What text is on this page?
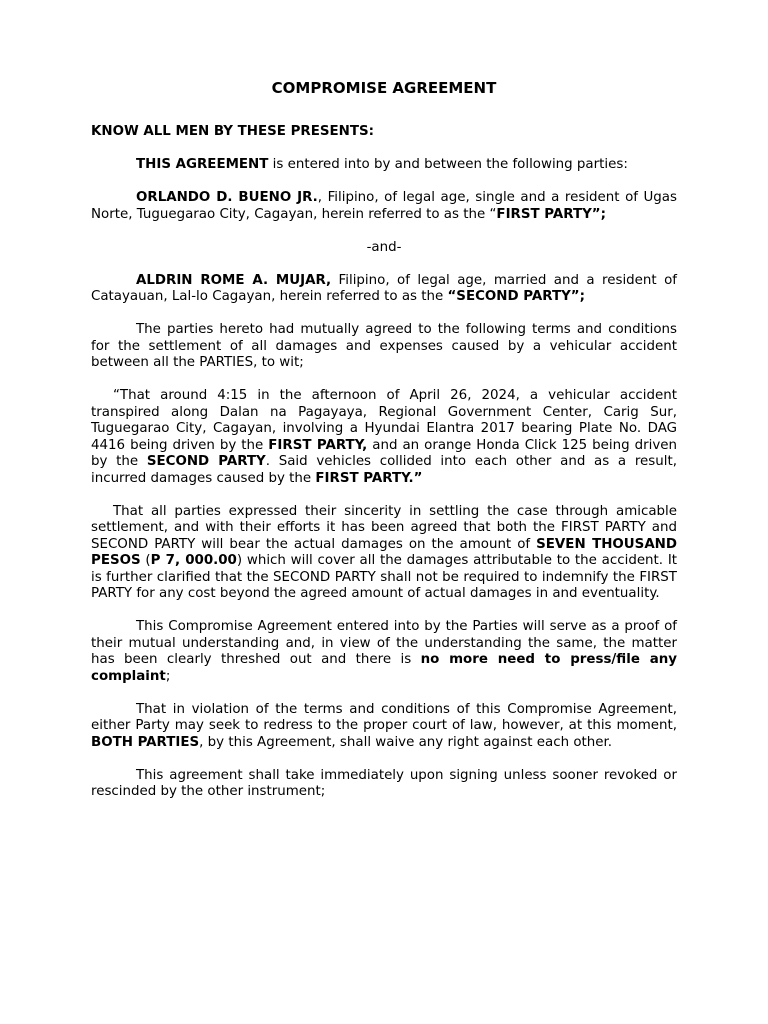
COMPROMISE AGREEMENT

KNOW ALL MEN BY THESE PRESENTS:

THIS AGREEMENT is entered into by and between the following parties:

ORLANDO D. BUENO JR., Filipino, of legal age, single and a resident of Ugas Norte, Tuguegarao City, Cagayan, herein referred to as the “FIRST PARTY”;

-and-

ALDRIN ROME A. MUJAR, Filipino, of legal age, married and a resident of Catayauan, Lal-lo Cagayan, herein referred to as the “SECOND PARTY”;

The parties hereto had mutually agreed to the following terms and conditions for the settlement of all damages and expenses caused by a vehicular accident between all the PARTIES, to wit;

“That around 4:15 in the afternoon of April 26, 2024, a vehicular accident transpired along Dalan na Pagayaya, Regional Government Center, Carig Sur, Tuguegarao City, Cagayan, involving a Hyundai Elantra 2017 bearing Plate No. DAG 4416 being driven by the FIRST PARTY, and an orange Honda Click 125 being driven by the SECOND PARTY. Said vehicles collided into each other and as a result, incurred damages caused by the FIRST PARTY.”

That all parties expressed their sincerity in settling the case through amicable settlement, and with their efforts it has been agreed that both the FIRST PARTY and SECOND PARTY will bear the actual damages on the amount of SEVEN THOUSAND PESOS (P 7, 000.00) which will cover all the damages attributable to the accident. It is further clarified that the SECOND PARTY shall not be required to indemnify the FIRST PARTY for any cost beyond the agreed amount of actual damages in and eventuality.

This Compromise Agreement entered into by the Parties will serve as a proof of their mutual understanding and, in view of the understanding the same, the matter has been clearly threshed out and there is no more need to press/file any complaint;

That in violation of the terms and conditions of this Compromise Agreement, either Party may seek to redress to the proper court of law, however, at this moment, BOTH PARTIES, by this Agreement, shall waive any right against each other.

This agreement shall take immediately upon signing unless sooner revoked or rescinded by the other instrument;
